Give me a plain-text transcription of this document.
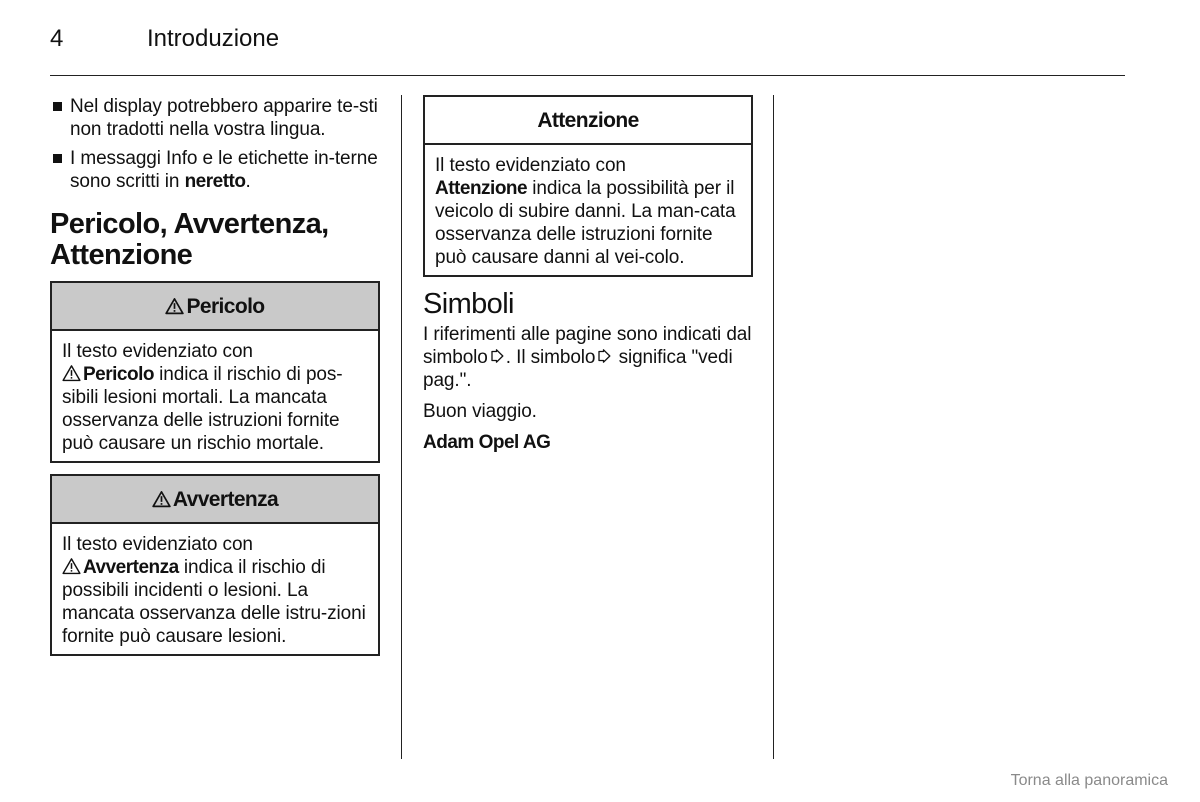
4	Introduzione
Nel display potrebbero apparire te-sti non tradotti nella vostra lingua.
I messaggi Info e le etichette in-terne sono scritti in neretto.
Pericolo, Avvertenza, Attenzione
Pericolo

Il testo evidenziato con

Pericolo indica il rischio di pos-sibili lesioni mortali. La mancata osservanza delle istruzioni fornite può causare un rischio mortale.

Avvertenza

Il testo evidenziato con

Avvertenza indica il rischio di possibili incidenti o lesioni. La mancata osservanza delle istru-zioni fornite può causare lesioni.

Attenzione

Il testo evidenziato con

Attenzione indica la possibilità per il veicolo di subire danni. La man-cata osservanza delle istruzioni fornite può causare danni al vei-colo.

Simboli

I riferimenti alle pagine sono indicati dal simbolo . Il simbolo
significa "vedi pag.".

Buon viaggio.

Adam Opel AG

Torna alla panoramica
